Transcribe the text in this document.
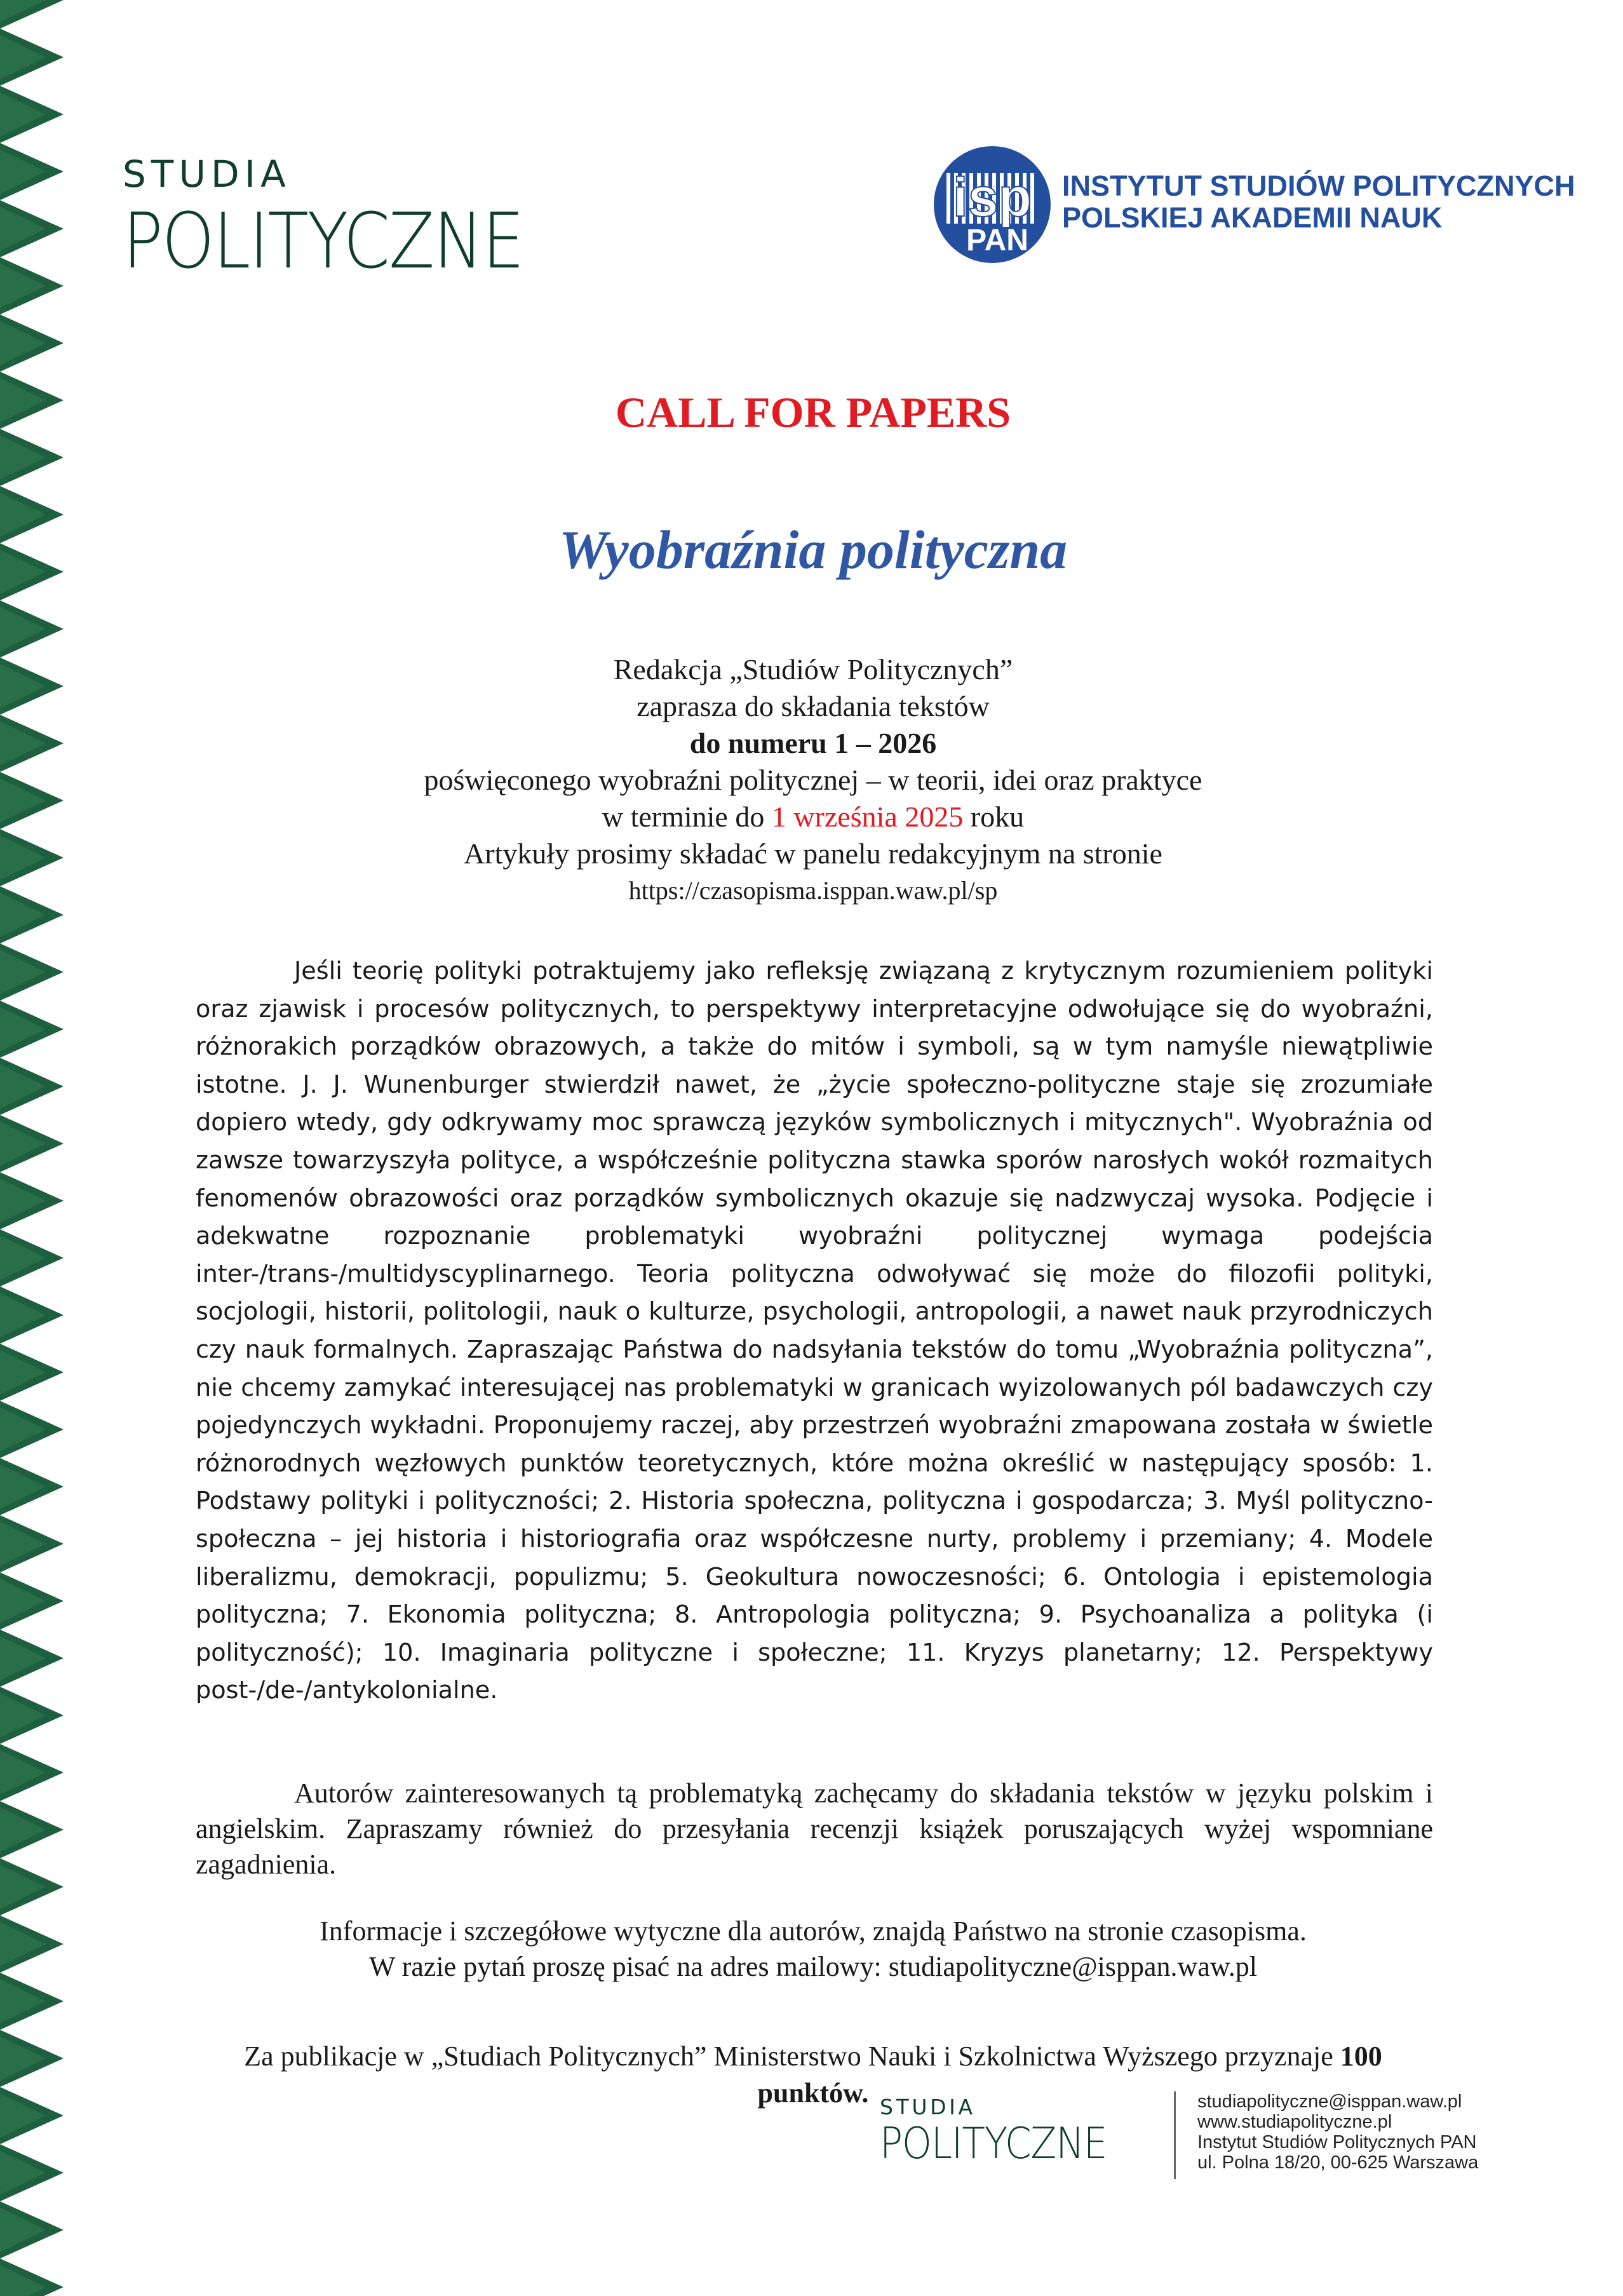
STUDIA
POLITYCZNE	isp
PAN
INSTYTUT STUDIÓW POLITYCZNYCH
POLSKIEJ AKADEMII NAUK
CALL FOR PAPERS
Wyobraźnia polityczna
Redakcja „Studiów Politycznych”
zaprasza do składania tekstów
do numeru 1 – 2026
poświęconego wyobraźni politycznej – w teorii, idei oraz praktyce
w terminie do 1 września 2025 roku
Artykuły prosimy składać w panelu redakcyjnym na stronie
https://czasopisma.isppan.waw.pl/sp
Jeśli teorię polityki potraktujemy jako refleksję związaną z krytycznym rozumieniem polityki oraz zjawisk i procesów politycznych, to perspektywy interpretacyjne odwołujące się do wyobraźni, różnorakich porządków obrazowych, a także do mitów i symboli, są w tym namyśle niewątpliwie istotne. J. J. Wunenburger stwierdził nawet, że „życie społeczno-polityczne staje się zrozumiałe dopiero wtedy, gdy odkrywamy moc sprawczą języków symbolicznych i mitycznych". Wyobraźnia od zawsze towarzyszyła polityce, a współcześnie polityczna stawka sporów narosłych wokół rozmaitych fenomenów obrazowości oraz porządków symbolicznych okazuje się nadzwyczaj wysoka. Podjęcie i adekwatne rozpoznanie problematyki wyobraźni politycznej wymaga podejścia inter-/trans-/multidyscyplinarnego. Teoria polityczna odwoływać się może do filozofii polityki, socjologii, historii, politologii, nauk o kulturze, psychologii, antropologii, a nawet nauk przyrodniczych czy nauk formalnych. Zapraszając Państwa do nadsyłania tekstów do tomu „Wyobraźnia polityczna”, nie chcemy zamykać interesującej nas problematyki w granicach wyizolowanych pól badawczych czy pojedynczych wykładni. Proponujemy raczej, aby przestrzeń wyobraźni zmapowana została w świetle różnorodnych węzłowych punktów teoretycznych, które można określić w następujący sposób: 1. Podstawy polityki i polityczności; 2. Historia społeczna, polityczna i gospodarcza; 3. Myśl polityczno-społeczna – jej historia i historiografia oraz współczesne nurty, problemy i przemiany; 4. Modele liberalizmu, demokracji, populizmu; 5. Geokultura nowoczesności; 6. Ontologia i epistemologia polityczna; 7. Ekonomia polityczna; 8. Antropologia polityczna; 9. Psychoanaliza a polityka (i polityczność); 10. Imaginaria polityczne i społeczne; 11. Kryzys planetarny; 12. Perspektywy post-/de-/antykolonialne.
Autorów zainteresowanych tą problematyką zachęcamy do składania tekstów w języku polskim i angielskim. Zapraszamy również do przesyłania recenzji książek poruszających wyżej wspomniane zagadnienia.
Informacje i szczegółowe wytyczne dla autorów, znajdą Państwo na stronie czasopisma.
W razie pytań proszę pisać na adres mailowy: studiapolityczne@isppan.waw.pl
Za publikacje w „Studiach Politycznych” Ministerstwo Nauki i Szkolnictwa Wyższego przyznaje 100
punktów. STUDIA
POLITYCZNE
studiapolityczne@isppan.waw.pl
www.studiapolityczne.pl
Instytut Studiów Politycznych PAN
ul. Polna 18/20, 00-625 Warszawa
